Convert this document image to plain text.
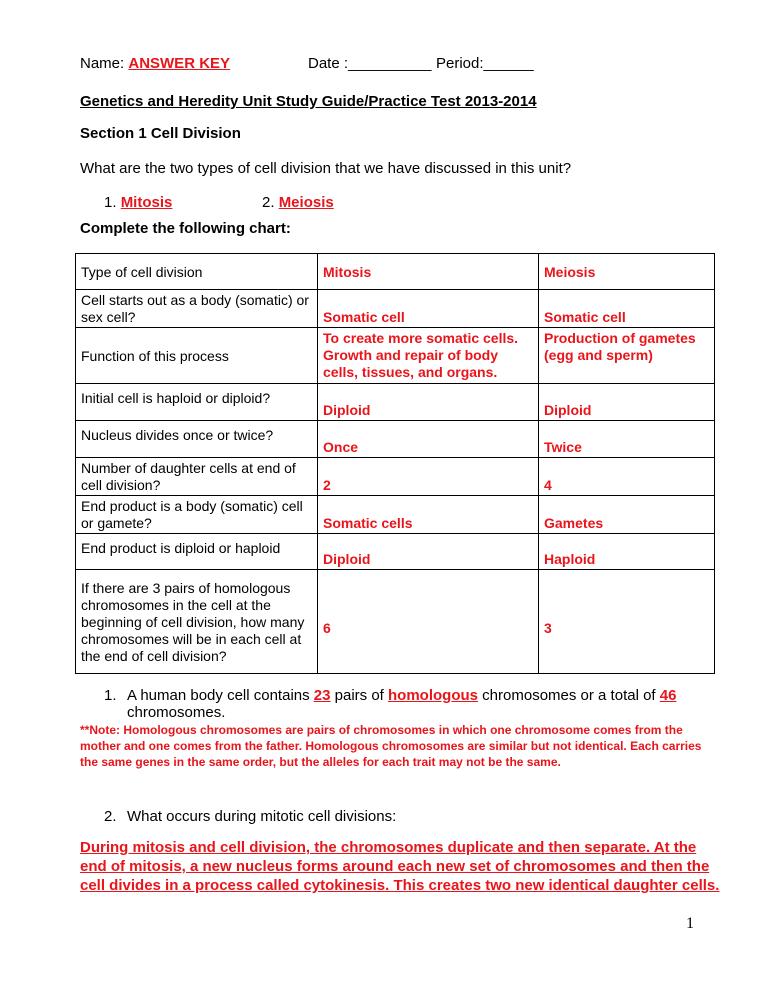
Name: ANSWER KEY	Date :__________ Period:______
Genetics and Heredity Unit Study Guide/Practice Test 2013-2014
Section 1 Cell Division
What are the two types of cell division that we have discussed in this unit?
1. Mitosis	2. Meiosis
Complete the following chart:
Type of cell division	Mitosis	Meiosis
Cell starts out as a body (somatic) or sex cell?	Somatic cell	Somatic cell
Function of this process	To create more somatic cells. Growth and repair of body cells, tissues, and organs.	Production of gametes (egg and sperm)
Initial cell is haploid or diploid?	Diploid	Diploid
Nucleus divides once or twice?	Once	Twice
Number of daughter cells at end of cell division?	2	4
End product is a body (somatic) cell or gamete?	Somatic cells	Gametes
End product is diploid or haploid	Diploid	Haploid
If there are 3 pairs of homologous chromosomes in the cell at the beginning of cell division, how many chromosomes will be in each cell at the end of cell division?	6	3
1. A human body cell contains 23 pairs of homologous chromosomes or a total of 46
chromosomes.
**Note: Homologous chromosomes are pairs of chromosomes in which one chromosome comes from the mother and one comes from the father. Homologous chromosomes are similar but not identical. Each carries the same genes in the same order, but the alleles for each trait may not be the same.
2. What occurs during mitotic cell divisions:
During mitosis and cell division, the chromosomes duplicate and then separate. At the end of mitosis, a new nucleus forms around each new set of chromosomes and then the cell divides in a process called cytokinesis. This creates two new identical daughter cells.
1
